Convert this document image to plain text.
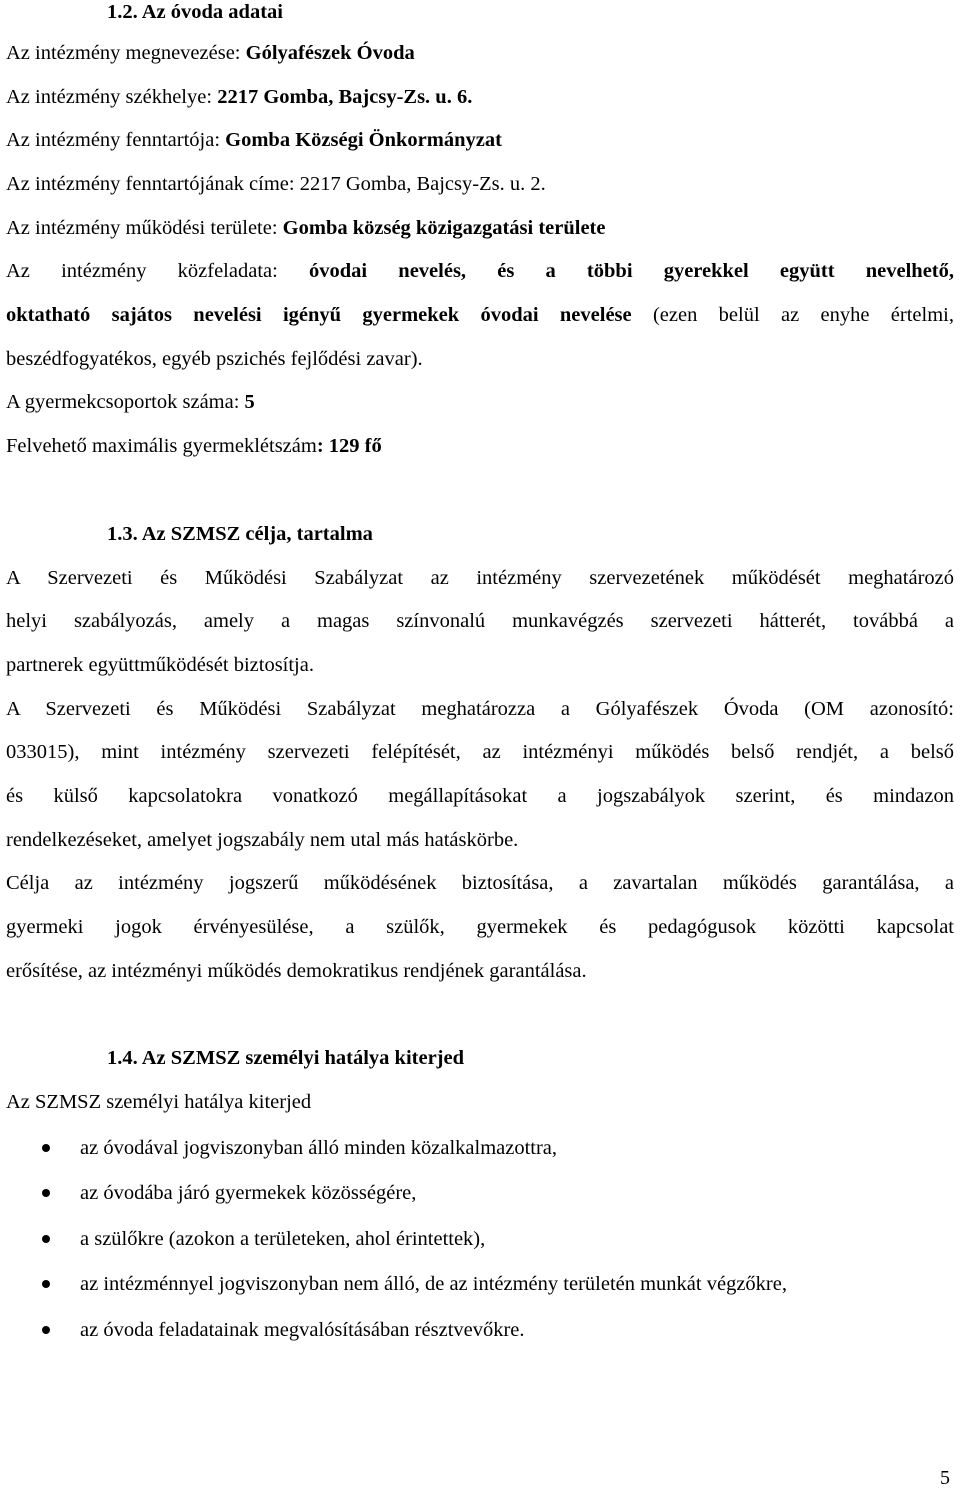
1.2. Az óvoda adatai
Az intézmény megnevezése: Gólyafészek Óvoda
Az intézmény székhelye: 2217 Gomba, Bajcsy-Zs. u. 6.
Az intézmény fenntartója: Gomba Községi Önkormányzat
Az intézmény fenntartójának címe: 2217 Gomba, Bajcsy-Zs. u. 2.
Az intézmény működési területe: Gomba község közigazgatási területe
Az intézmény közfeladata: óvodai nevelés, és a többi gyerekkel együtt nevelhető,
oktatható sajátos nevelési igényű gyermekek óvodai nevelése (ezen belül az enyhe értelmi,
beszédfogyatékos, egyéb pszichés fejlődési zavar).
A gyermekcsoportok száma: 5
Felvehető maximális gyermeklétszám: 129 fő
1.3. Az SZMSZ célja, tartalma
A Szervezeti és Működési Szabályzat az intézmény szervezetének működését meghatározó
helyi szabályozás, amely a magas színvonalú munkavégzés szervezeti hátterét, továbbá a
partnerek együttműködését biztosítja.
A Szervezeti és Működési Szabályzat meghatározza a Gólyafészek Óvoda (OM azonosító:
033015), mint intézmény szervezeti felépítését, az intézményi működés belső rendjét, a belső
és külső kapcsolatokra vonatkozó megállapításokat a jogszabályok szerint, és mindazon
rendelkezéseket, amelyet jogszabály nem utal más hatáskörbe.
Célja az intézmény jogszerű működésének biztosítása, a zavartalan működés garantálása, a
gyermeki jogok érvényesülése, a szülők, gyermekek és pedagógusok közötti kapcsolat
erősítése, az intézményi működés demokratikus rendjének garantálása.
1.4. Az SZMSZ személyi hatálya kiterjed
Az SZMSZ személyi hatálya kiterjed
az óvodával jogviszonyban álló minden közalkalmazottra,
az óvodába járó gyermekek közösségére,
a szülőkre (azokon a területeken, ahol érintettek),
az intézménnyel jogviszonyban nem álló, de az intézmény területén munkát végzőkre,
az óvoda feladatainak megvalósításában résztvevőkre.
5
